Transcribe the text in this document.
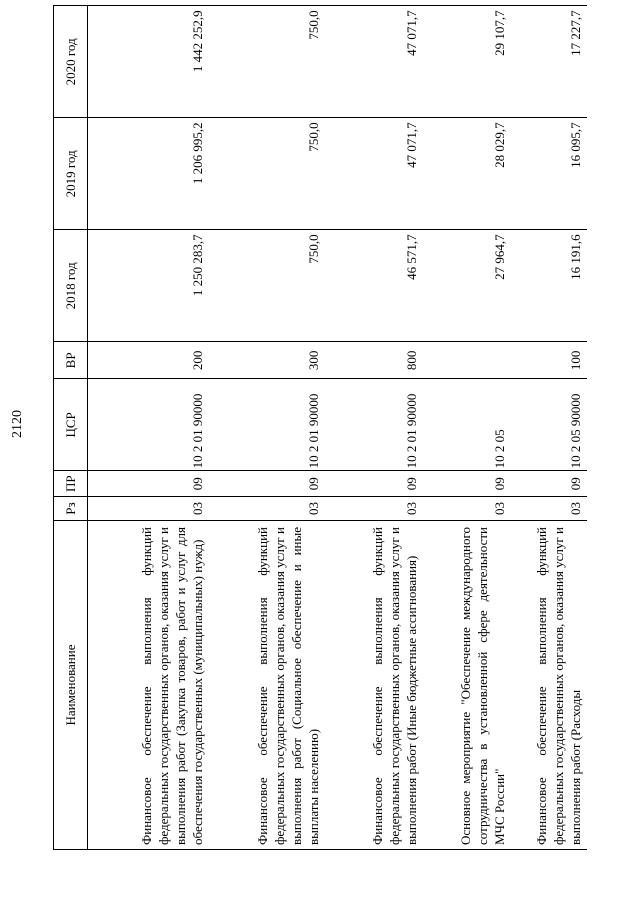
2120
Наименование	Рз	ПР	ЦСР	ВР	2018 год	2019 год	2020 год
Финансовое обеспечение выполнения функций федеральных государственных органов, оказания услуг и выполнения работ (Закупка товаров, работ и услуг для обеспечения государственных (муниципальных) нужд)	03	09	10 2 01 90000	200	1 250 283,7	1 206 995,2	1 442 252,9
Финансовое обеспечение выполнения функций федеральных государственных органов, оказания услуг и выполнения работ (Социальное обеспечение и иные выплаты населению)	03	09	10 2 01 90000	300	750,0	750,0	750,0
Финансовое обеспечение выполнения функций федеральных государственных органов, оказания услуг и выполнения работ (Иные бюджетные ассигнования)	03	09	10 2 01 90000	800	46 571,7	47 071,7	47 071,7
Основное мероприятие "Обеспечение международного сотрудничества в установленной сфере деятельности МЧС России"	03	09	10 2 05		27 964,7	28 029,7	29 107,7
Финансовое обеспечение выполнения функций федеральных государственных органов, оказания услуг и выполнения работ (Расходы	03	09	10 2 05 90000	100	16 191,6	16 095,7	17 227,7
